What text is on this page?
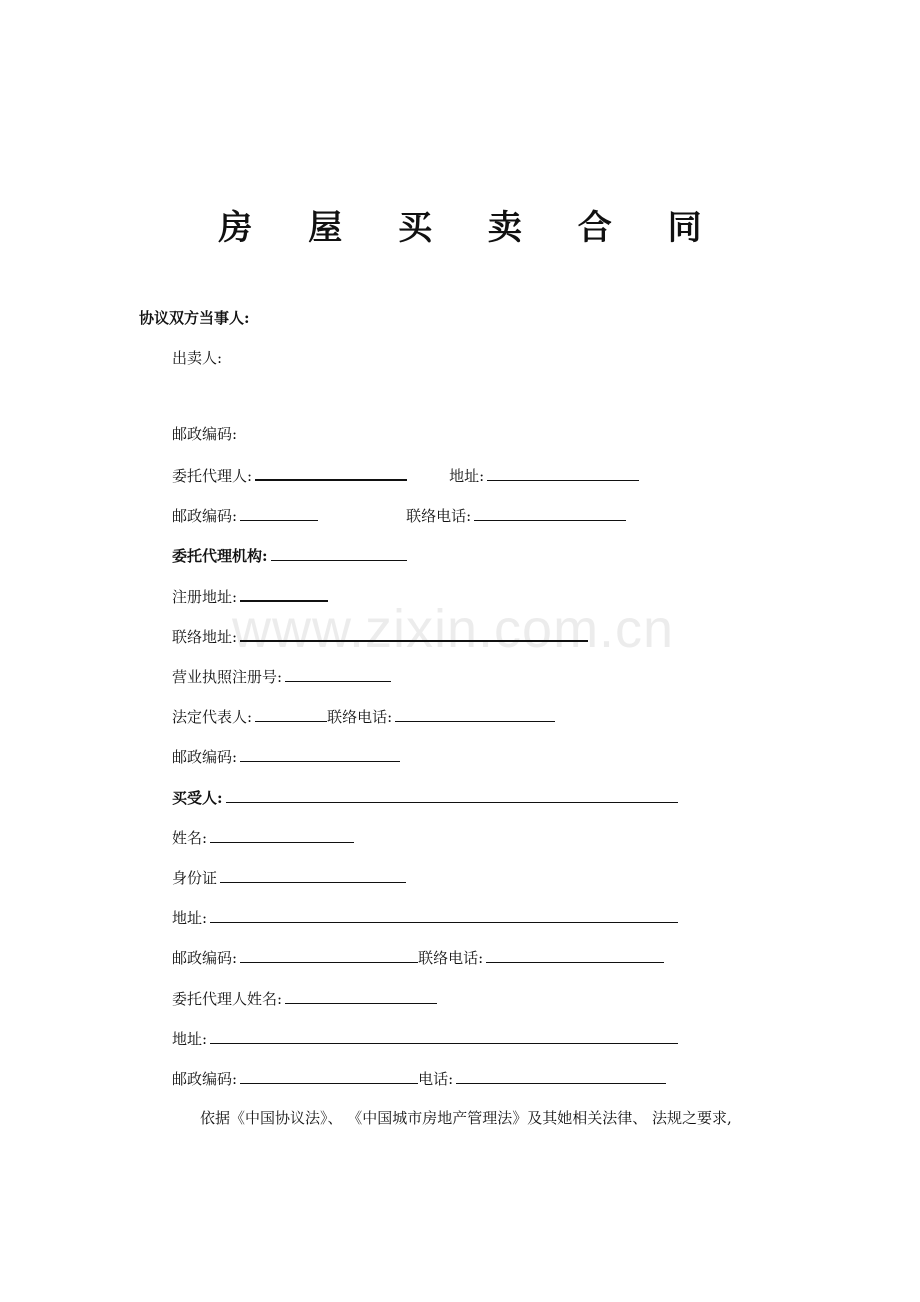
房 屋 买 卖 合 同
www.zixin.com.cn
协议双方当事人:
出卖人:
邮政编码:
委托代理人:	地址:
邮政编码:	联络电话:
委托代理机构:
注册地址:
联络地址:
营业执照注册号:
法定代表人:	联络电话:
邮政编码:
买受人:
姓名:
身份证
地址:
邮政编码:	联络电话:
委托代理人姓名:
地址:
邮政编码:	电话:
依据《中国协议法》、 《中国城市房地产管理法》及其她相关法律、 法规之要求,
